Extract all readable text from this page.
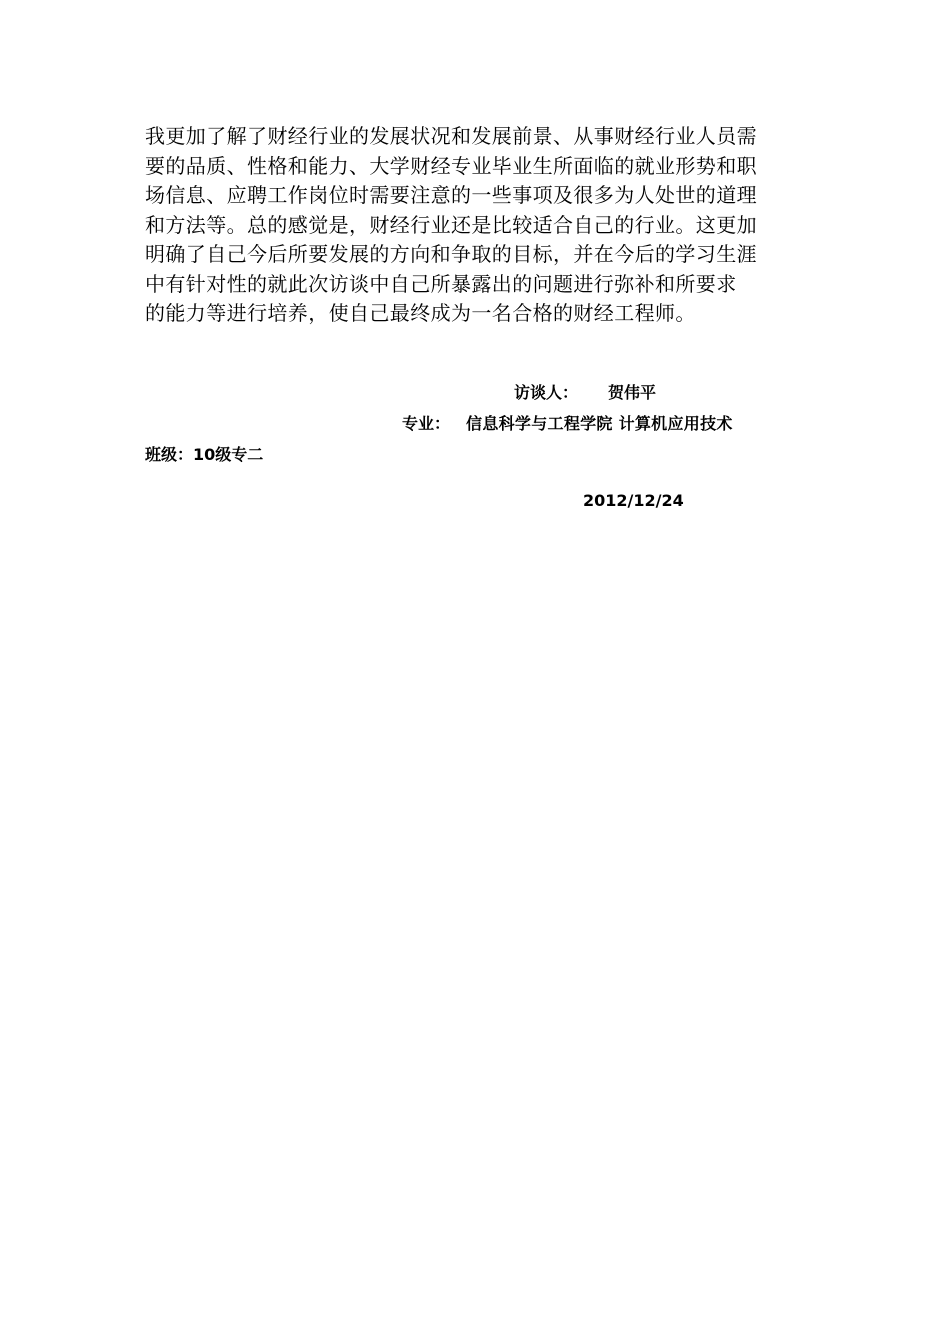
我更加了解了财经行业的发展状况和发展前景、从事财经行业人员需
要的品质、性格和能力、大学财经专业毕业生所面临的就业形势和职
场信息、应聘工作岗位时需要注意的一些事项及很多为人处世的道理
和方法等。总的感觉是，财经行业还是比较适合自己的行业。这更加
明确了自己今后所要发展的方向和争取的目标，并在今后的学习生涯
中有针对性的就此次访谈中自己所暴露出的问题进行弥补和所要求
的能力等进行培养，使自己最终成为一名合格的财经工程师。
访谈人： 贺伟平
专业： 信息科学与工程学院 计算机应用技术
班级：10级专二
2012/12/24
